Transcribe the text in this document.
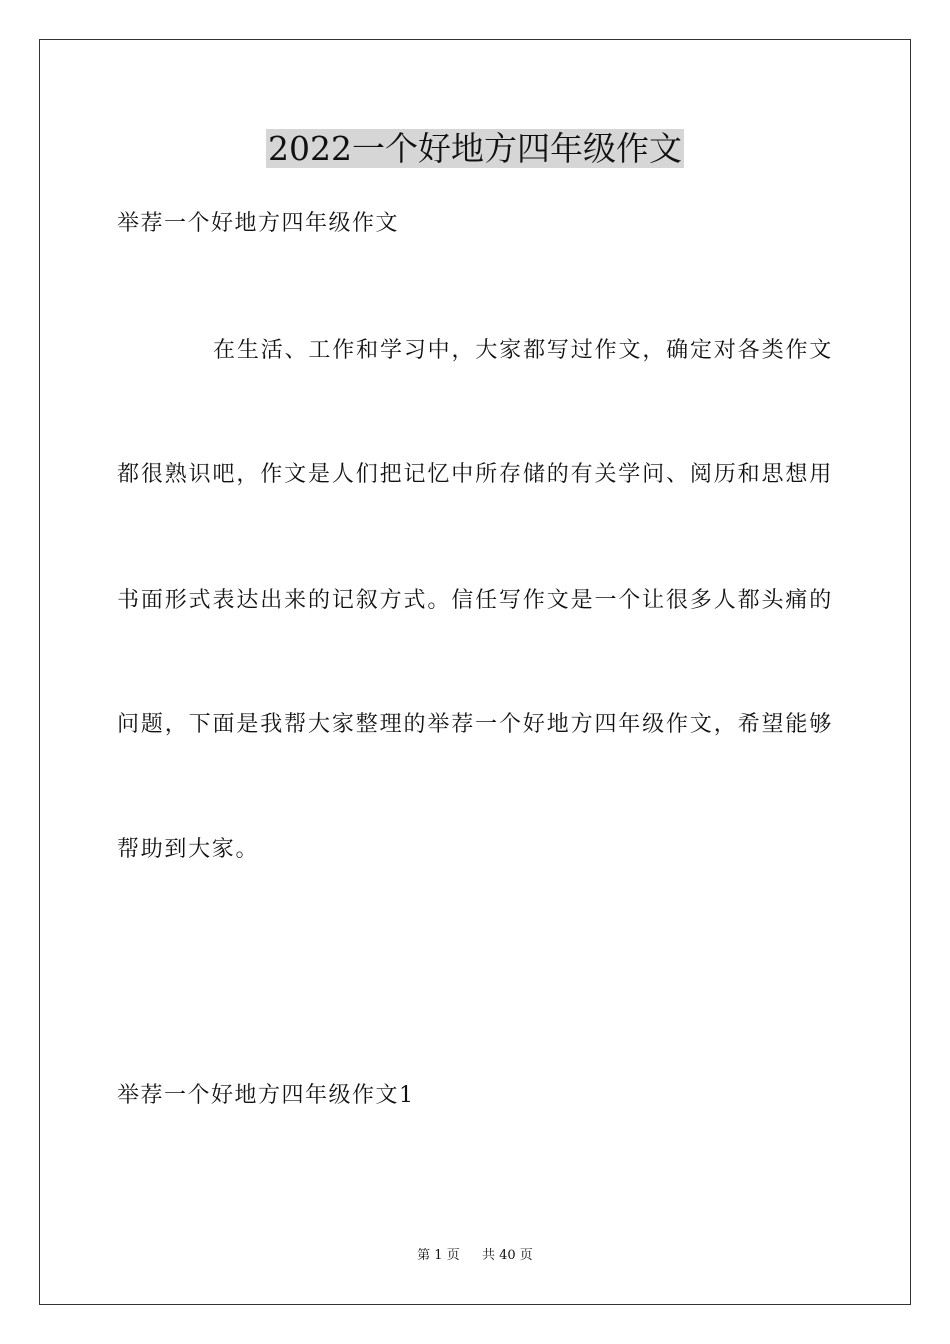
2022一个好地方四年级作文
举荐一个好地方四年级作文
在生活、工作和学习中，大家都写过作文，确定对各类作文
都很熟识吧，作文是人们把记忆中所存储的有关学问、阅历和思想用
书面形式表达出来的记叙方式。信任写作文是一个让很多人都头痛的
问题，下面是我帮大家整理的举荐一个好地方四年级作文，希望能够
帮助到大家。
举荐一个好地方四年级作文1
第 1 页 共 40 页
